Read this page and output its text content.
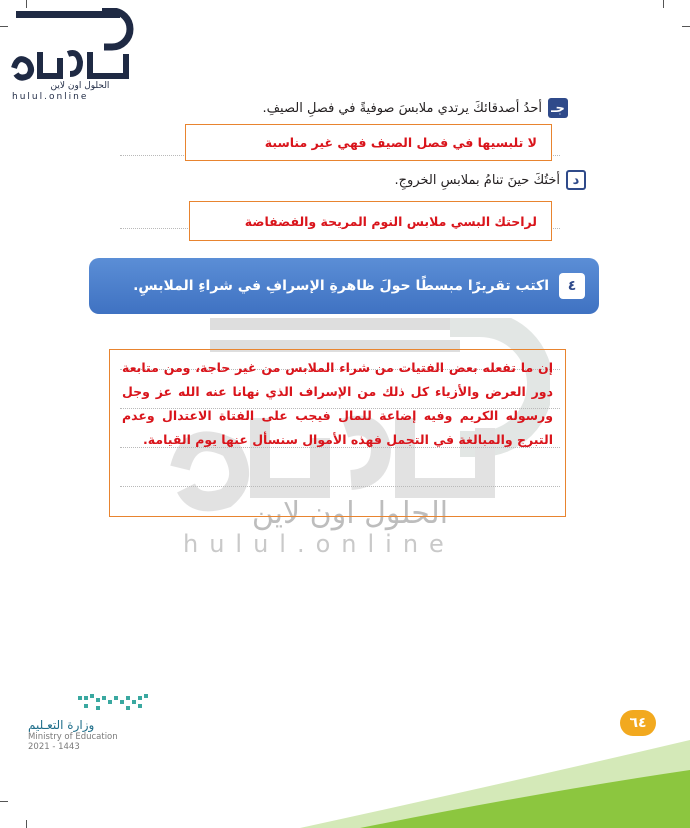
الحلول اون لاين
hulul.online
جـ
أحدُ أصدقائكَ يرتدي ملابسَ صوفيةً في فصلِ الصيفِ.
لا تلبسيها في فصل الصيف فهي غير مناسبة
د
أختُكَ حينَ تنامُ بملابسِ الخروجِ.
لراحتك البسي ملابس النوم المريحة والفضفاضة
٤
اكتب تقريرًا مبسطًا حولَ ظاهرةِ الإسرافِ في شراءِ الملابسِ.
الحلول اون لاين
hulul.online
إن ما تفعله بعض الفتيات من شراء الملابس من غير حاجة، ومن متابعة دور العرض والأزياء كل ذلك من الإسراف الذي نهانا عنه الله عز وجل ورسوله الكريم وفيه إضاعة للمال فيجب على الفتاة الاعتدال وعدم التبرج والمبالغة في التجمل فهذه الأموال سنسأل عنها يوم القيامة.
وزارة التعـليم
Ministry of Education
2021 - 1443
٦٤
